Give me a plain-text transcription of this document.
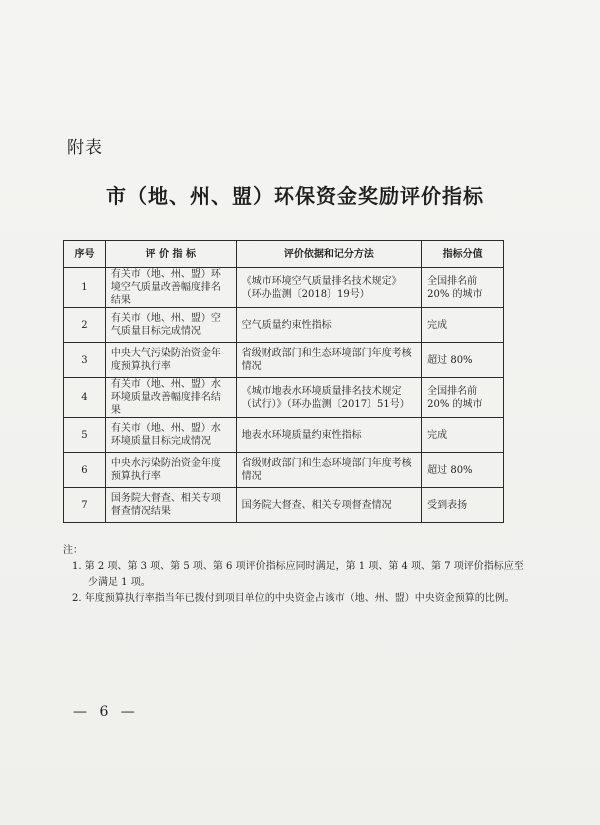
附表
市（地、州、盟）环保资金奖励评价指标
序号	评 价 指 标	评价依据和记分方法	指标分值
1	有关市（地、州、盟）环境空气质量改善幅度排名结果	《城市环境空气质量排名技术规定》（环办监测〔2018〕19号）	全国排名前 20% 的城市
2	有关市（地、州、盟）空气质量目标完成情况	空气质量约束性指标	完成
3	中央大气污染防治资金年度预算执行率	省级财政部门和生态环境部门年度考核情况	超过 80%
4	有关市（地、州、盟）水环境质量改善幅度排名结果	《城市地表水环境质量排名技术规定（试行）》（环办监测〔2017〕51号）	全国排名前 20% 的城市
5	有关市（地、州、盟）水环境质量目标完成情况	地表水环境质量约束性指标	完成
6	中央水污染防治资金年度预算执行率	省级财政部门和生态环境部门年度考核情况	超过 80%
7	国务院大督查、相关专项督查情况结果	国务院大督查、相关专项督查情况	受到表扬

注：

1. 第 2 项、第 3 项、第 5 项、第 6 项评价指标应同时满足，第 1 项、第 4 项、第 7 项评价指标应至少满足 1 项。

2. 年度预算执行率指当年已拨付到项目单位的中央资金占该市（地、州、盟）中央资金预算的比例。

— 6 —
